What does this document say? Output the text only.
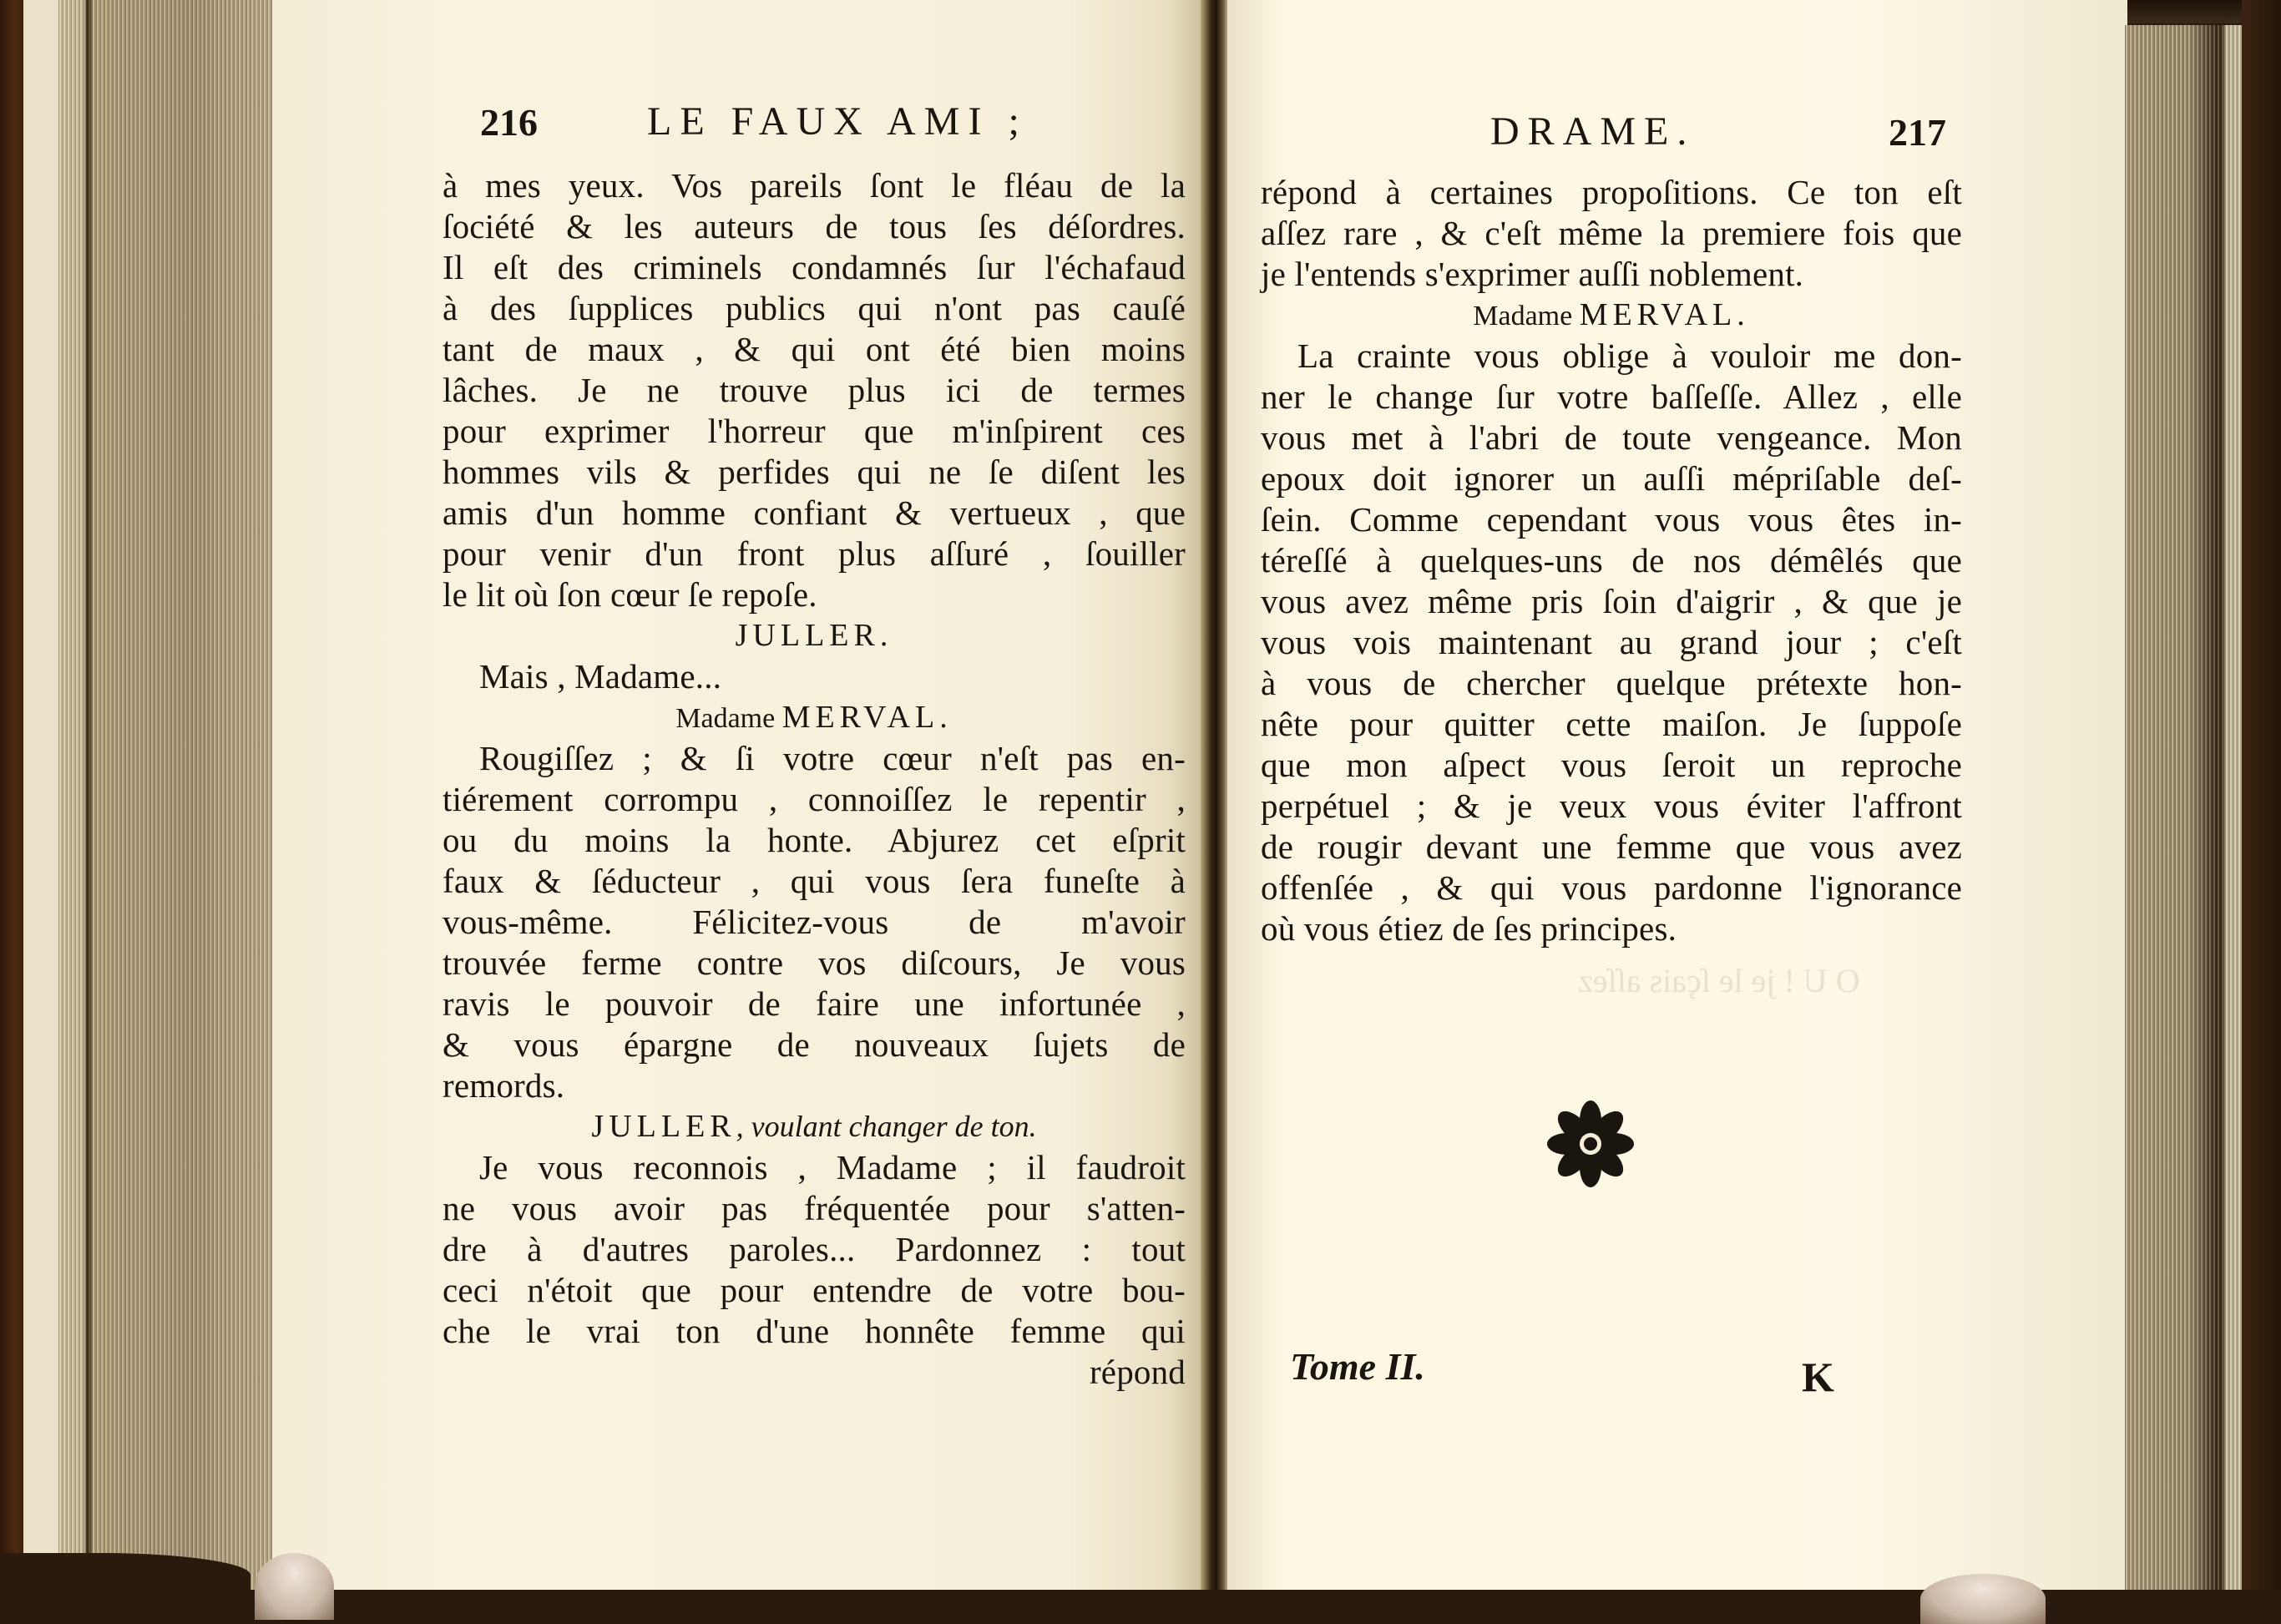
216	LE FAUX AMI ;
à mes yeux. Vos pareils ſont le fléau de la
ſociété & les auteurs de tous ſes déſordres.
Il eſt des criminels condamnés ſur l'échafaud
à des ſupplices publics qui n'ont pas cauſé
tant de maux , & qui ont été bien moins
lâches. Je ne trouve plus ici de termes
pour exprimer l'horreur que m'inſpirent ces
hommes vils & perfides qui ne ſe diſent les
amis d'un homme confiant & vertueux , que
pour venir d'un front plus aſſuré , ſouiller
le lit où ſon cœur ſe repoſe.
JULLER.
Mais , Madame...
Madame MERVAL.
Rougiſſez ; & ſi votre cœur n'eſt pas en-
tiérement corrompu , connoiſſez le repentir ,
ou du moins la honte. Abjurez cet eſprit
faux & ſéducteur , qui vous ſera funeſte à
vous-même. Félicitez-vous de m'avoir
trouvée ferme contre vos diſcours, Je vous
ravis le pouvoir de faire une infortunée ,
& vous épargne de nouveaux ſujets de
remords.
JULLER, voulant changer de ton.
Je vous reconnois , Madame ; il faudroit
ne vous avoir pas fréquentée pour s'atten-
dre à d'autres paroles... Pardonnez : tout
ceci n'étoit que pour entendre de votre bou-
che le vrai ton d'une honnête femme qui
répond
O U ! je le ſçais aſſez
DRAME.	217
répond à certaines propoſitions. Ce ton eſt
aſſez rare , & c'eſt même la premiere fois que
je l'entends s'exprimer auſſi noblement.
Madame MERVAL.
La crainte vous oblige à vouloir me don-
ner le change ſur votre baſſeſſe. Allez , elle
vous met à l'abri de toute vengeance. Mon
epoux doit ignorer un auſſi mépriſable deſ-
ſein. Comme cependant vous vous êtes in-
téreſſé à quelques-uns de nos démêlés que
vous avez même pris ſoin d'aigrir , & que je
vous vois maintenant au grand jour ; c'eſt
à vous de chercher quelque prétexte hon-
nête pour quitter cette maiſon. Je ſuppoſe
que mon aſpect vous ſeroit un reproche
perpétuel ; & je veux vous éviter l'affront
de rougir devant une femme que vous avez
offenſée , & qui vous pardonne l'ignorance
où vous étiez de ſes principes.
Tome II.	K
